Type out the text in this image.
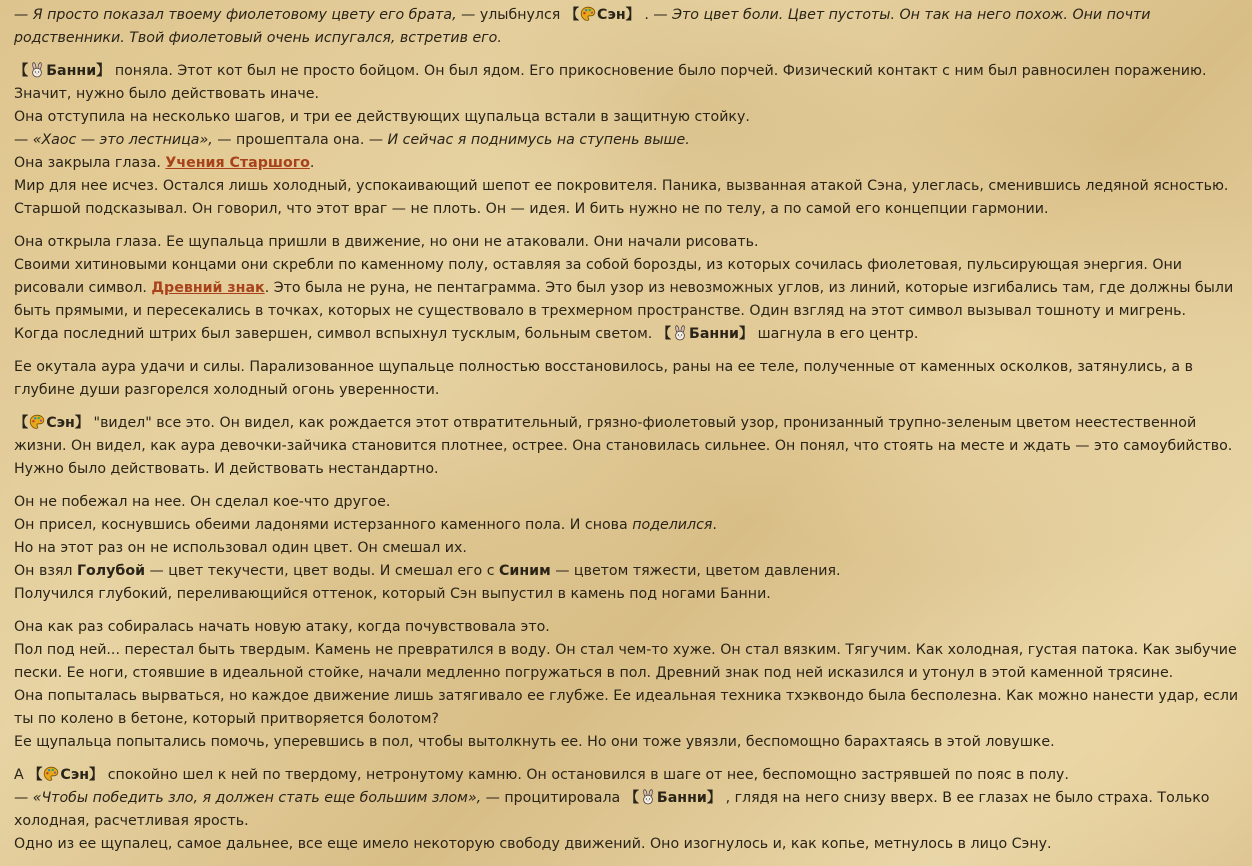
— Я просто показал твоему фиолетовому цвету его брата, — улыбнулся 【 Сэн】 . — Это цвет боли. Цвет пустоты. Он так на него похож. Они почти родственники. Твой фиолетовый очень испугался, встретив его.
【 Банни】 поняла. Этот кот был не просто бойцом. Он был ядом. Его прикосновение было порчей. Физический контакт с ним был равносилен поражению. Значит, нужно было действовать иначе.
Она отступила на несколько шагов, и три ее действующих щупальца встали в защитную стойку.
— «Хаос — это лестница», — прошептала она. — И сейчас я поднимусь на ступень выше.
Она закрыла глаза. Учения Старшого.
Мир для нее исчез. Остался лишь холодный, успокаивающий шепот ее покровителя. Паника, вызванная атакой Сэна, улеглась, сменившись ледяной ясностью. Старшой подсказывал. Он говорил, что этот враг — не плоть. Он — идея. И бить нужно не по телу, а по самой его концепции гармонии.
Она открыла глаза. Ее щупальца пришли в движение, но они не атаковали. Они начали рисовать.
Своими хитиновыми концами они скребли по каменному полу, оставляя за собой борозды, из которых сочилась фиолетовая, пульсирующая энергия. Они рисовали символ. Древний знак. Это была не руна, не пентаграмма. Это был узор из невозможных углов, из линий, которые изгибались там, где должны были быть прямыми, и пересекались в точках, которых не существовало в трехмерном пространстве. Один взгляд на этот символ вызывал тошноту и мигрень.
Когда последний штрих был завершен, символ вспыхнул тусклым, больным светом. 【 Банни】 шагнула в его центр.
Ее окутала аура удачи и силы. Парализованное щупальце полностью восстановилось, раны на ее теле, полученные от каменных осколков, затянулись, а в глубине души разгорелся холодный огонь уверенности.
【 Сэн】 "видел" все это. Он видел, как рождается этот отвратительный, грязно-фиолетовый узор, пронизанный трупно-зеленым цветом неестественной жизни. Он видел, как аура девочки-зайчика становится плотнее, острее. Она становилась сильнее. Он понял, что стоять на месте и ждать — это самоубийство. Нужно было действовать. И действовать нестандартно.
Он не побежал на нее. Он сделал кое-что другое.
Он присел, коснувшись обеими ладонями истерзанного каменного пола. И снова поделился.
Но на этот раз он не использовал один цвет. Он смешал их.
Он взял Голубой — цвет текучести, цвет воды. И смешал его с Синим — цветом тяжести, цветом давления.
Получился глубокий, переливающийся оттенок, который Сэн выпустил в камень под ногами Банни.
Она как раз собиралась начать новую атаку, когда почувствовала это.
Пол под ней... перестал быть твердым. Камень не превратился в воду. Он стал чем-то хуже. Он стал вязким. Тягучим. Как холодная, густая патока. Как зыбучие пески. Ее ноги, стоявшие в идеальной стойке, начали медленно погружаться в пол. Древний знак под ней исказился и утонул в этой каменной трясине.
Она попыталась вырваться, но каждое движение лишь затягивало ее глубже. Ее идеальная техника тхэквондо была бесполезна. Как можно нанести удар, если ты по колено в бетоне, который притворяется болотом?
Ее щупальца попытались помочь, уперевшись в пол, чтобы вытолкнуть ее. Но они тоже увязли, беспомощно барахтаясь в этой ловушке.
А 【 Сэн】 спокойно шел к ней по твердому, нетронутому камню. Он остановился в шаге от нее, беспомощно застрявшей по пояс в полу.
— «Чтобы победить зло, я должен стать еще большим злом», — процитировала 【 Банни】 , глядя на него снизу вверх. В ее глазах не было страха. Только холодная, расчетливая ярость.
Одно из ее щупалец, самое дальнее, все еще имело некоторую свободу движений. Оно изогнулось и, как копье, метнулось в лицо Сэну.
